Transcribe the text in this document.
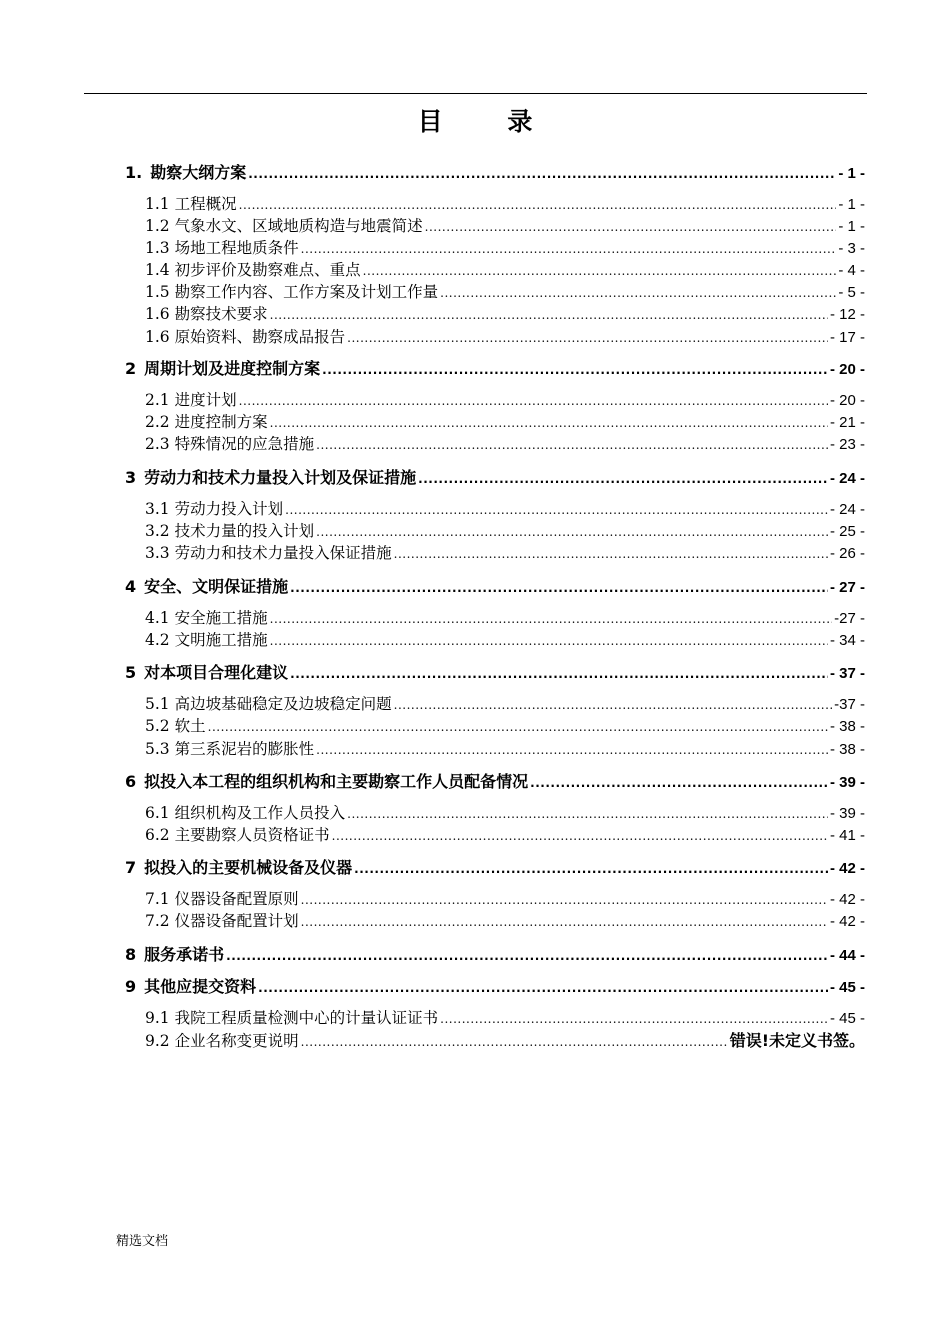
目 录
1. 勘察大纲方案 .....	- 1 -
1.1 工程概况 .....	- 1 -
1.2 气象水文、区域地质构造与地震简述 .....	- 1 -
1.3 场地工程地质条件 .....	- 3 -
1.4 初步评价及勘察难点、重点 .....	- 4 -
1.5 勘察工作内容、工作方案及计划工作量 .....	- 5 -
1.6 勘察技术要求 .....	- 12 -
1.6 原始资料、勘察成品报告 .....	- 17 -
2 周期计划及进度控制方案 .....	- 20 -
2.1 进度计划 .....	- 20 -
2.2 进度控制方案 .....	- 21 -
2.3 特殊情况的应急措施 .....	- 23 -
3 劳动力和技术力量投入计划及保证措施 .....	- 24 -
3.1 劳动力投入计划 .....	- 24 -
3.2 技术力量的投入计划 .....	- 25 -
3.3 劳动力和技术力量投入保证措施 .....	- 26 -
4 安全、文明保证措施 .....	- 27 -
4.1 安全施工措施 .....	-27 -
4.2 文明施工措施 .....	- 34 -
5 对本项目合理化建议 .....	- 37 -
5.1 高边坡基础稳定及边坡稳定问题 .....	-37 -
5.2 软土 .....	- 38 -
5.3 第三系泥岩的膨胀性 .....	- 38 -
6 拟投入本工程的组织机构和主要勘察工作人员配备情况 .....	- 39 -
6.1 组织机构及工作人员投入 .....	- 39 -
6.2 主要勘察人员资格证书 .....	- 41 -
7 拟投入的主要机械设备及仪器 .....	- 42 -
7.1 仪器设备配置原则 .....	- 42 -
7.2 仪器设备配置计划 .....	- 42 -
8 服务承诺书 .....	- 44 -
9 其他应提交资料 .....	- 45 -
9.1 我院工程质量检测中心的计量认证证书 .....	- 45 -
9.2 企业名称变更说明 .....	错误!未定义书签。
精选文档
